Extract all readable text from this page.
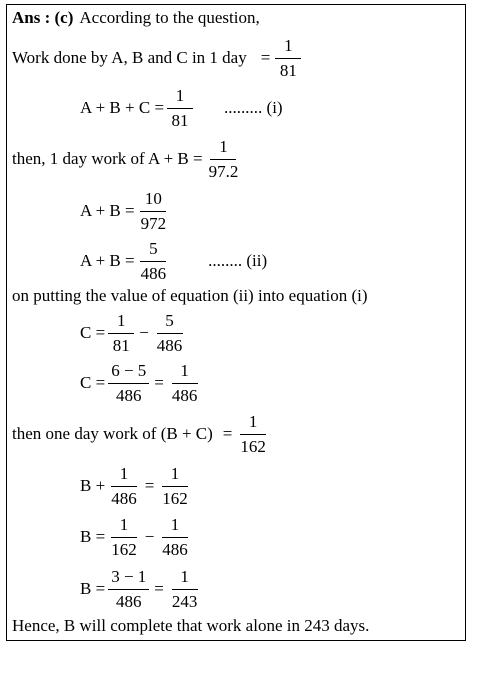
Ans : (c) According to the question,
Work done by A, B and C in 1 day = $\frac{1}{81}$
$A + B + C = \frac{1}{81}$ ......... (i)
then, 1 day work of $A + B = \frac{1}{97.2}$
$A + B = \frac{10}{972}$
$A + B = \frac{5}{486}$ ........ (ii)
on putting the value of equation (ii) into equation (i)
$C = \frac{1}{81} - \frac{5}{486}$
$C = \frac{6 - 5}{486} = \frac{1}{486}$
then one day work of $(B + C) = \frac{1}{162}$
$B + \frac{1}{486} = \frac{1}{162}$
$B = \frac{1}{162} - \frac{1}{486}$
$B = \frac{3 - 1}{486} = \frac{1}{243}$
Hence, B will complete that work alone in 243 days.
